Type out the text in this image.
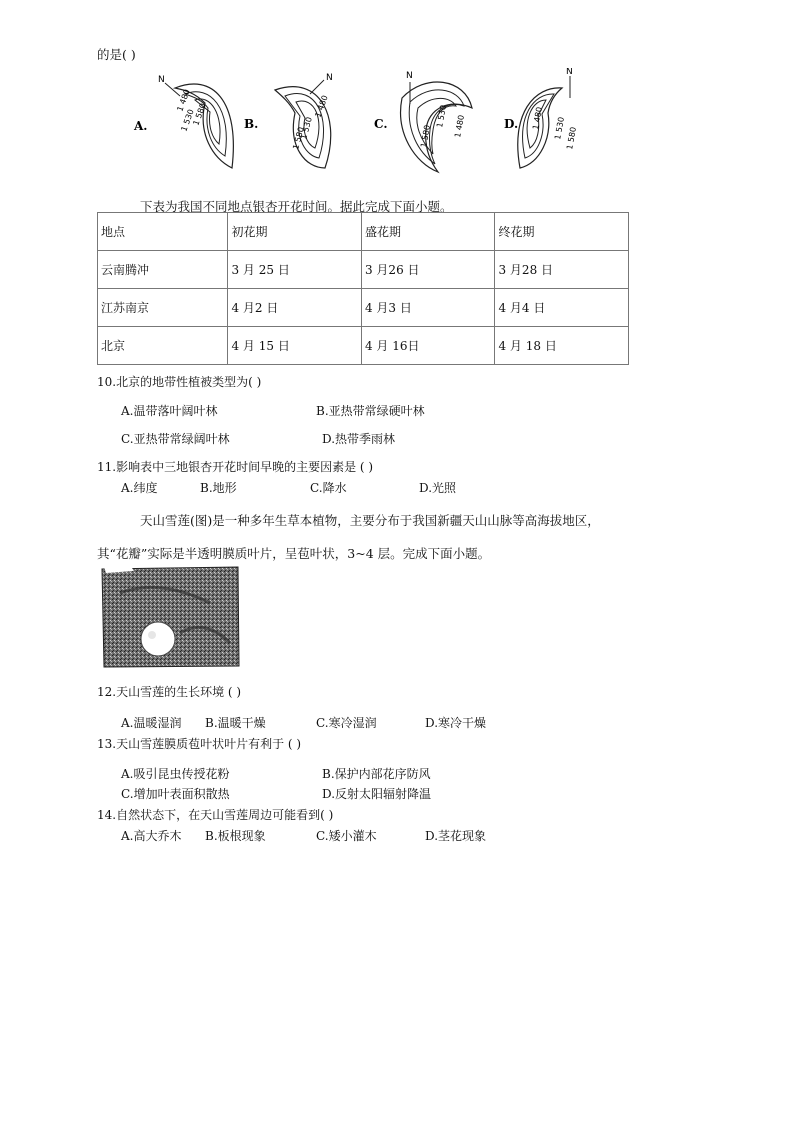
的是( )
A.
N
1 480
1 530
1 580	B.
N
1 480
1 530
1 580
C.
N
1 480
1 530
1 580
D.
N
1 480 1 530 1 580
下表为我国不同地点银杏开花时间。据此完成下面小题。
地点	初花期	盛花期	终花期
云南腾冲	3 月 25 日	3 月26 日	3 月28 日
江苏南京	4 月2 日	4 月3 日	4 月4 日
北京	4 月 15 日	4 月 16日	4 月 18 日
10.北京的地带性植被类型为( )
A.温带落叶阔叶林	B.亚热带常绿硬叶林
C.亚热带常绿阔叶林	D.热带季雨林
11.影响表中三地银杏开花时间早晚的主要因素是 ( )
A.纬度	B.地形	C.降水	D.光照
天山雪莲(图)是一种多年生草本植物，主要分布于我国新疆天山山脉等高海拔地区，
其“花瓣”实际是半透明膜质叶片，呈苞叶状，3~4 层。完成下面小题。
12.天山雪莲的生长环境 ( )
A.温暖湿润 B.温暖干燥	C.寒冷湿润	D.寒冷干燥
13.天山雪莲膜质苞叶状叶片有利于 ( )
A.吸引昆虫传授花粉	B.保护内部花序防风
C.增加叶表面积散热	D.反射太阳辐射降温
14.自然状态下，在天山雪莲周边可能看到( )
A.高大乔木 B.板根现象	C.矮小灌木	D.茎花现象
